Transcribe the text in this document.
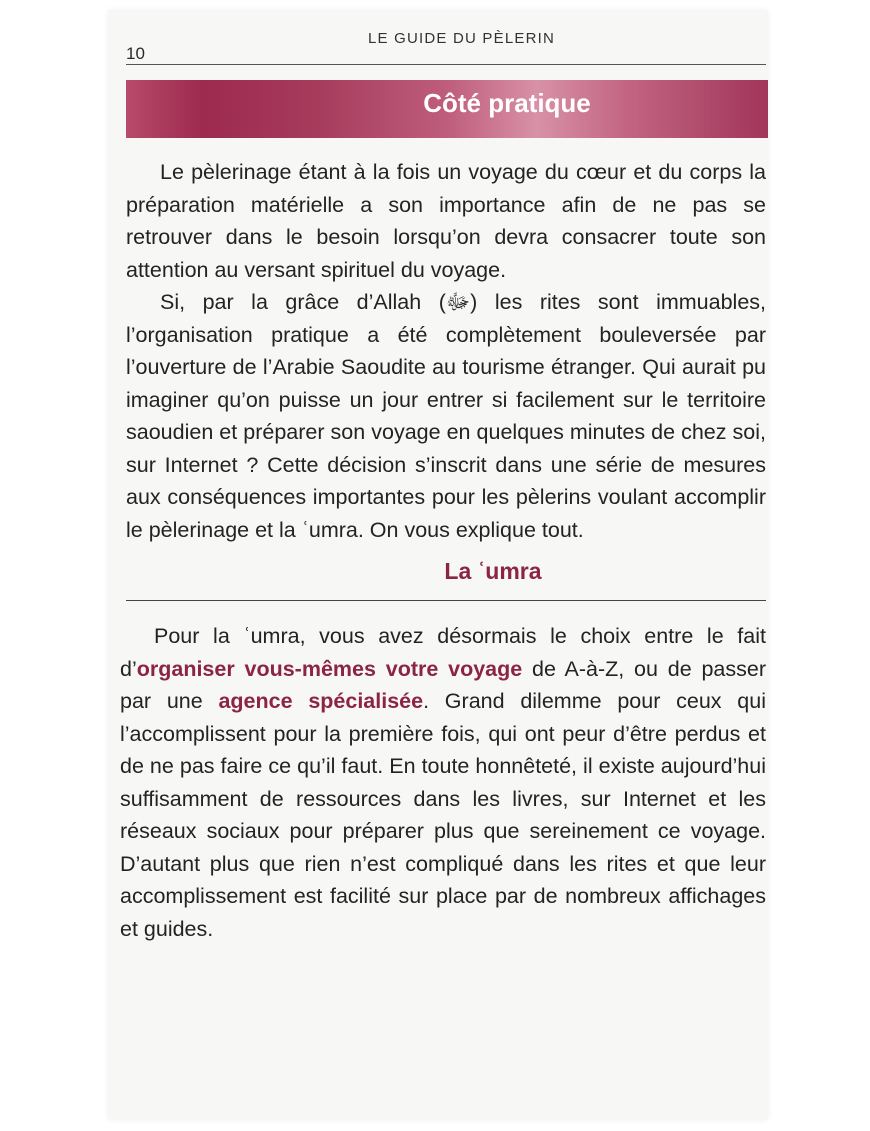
10
LE GUIDE DU PÈLERIN
Côté pratique

Le pèlerinage étant à la fois un voyage du cœur et du corps la préparation matérielle a son importance afin de ne pas se retrouver dans le besoin lorsqu’on devra consacrer toute son attention au versant spirituel du voyage.

Si, par la grâce d’Allah (ﷻ) les rites sont immuables, l’organisation pratique a été complètement bouleversée par l’ouverture de l’Arabie Saoudite au tourisme étranger. Qui aurait pu imaginer qu’on puisse un jour entrer si facilement sur le territoire saoudien et préparer son voyage en quelques minutes de chez soi, sur Internet ? Cette décision s’inscrit dans une série de mesures aux conséquences importantes pour les pèlerins voulant accomplir le pèlerinage et la ʿumra. On vous explique tout.

La ʿumra

Pour la ʿumra, vous avez désormais le choix entre le fait d’organiser vous-mêmes votre voyage de A-à-Z, ou de passer par une agence spécialisée. Grand dilemme pour ceux qui l’accomplissent pour la première fois, qui ont peur d’être perdus et de ne pas faire ce qu’il faut. En toute honnêteté, il existe aujourd’hui suffisamment de ressources dans les livres, sur Internet et les réseaux sociaux pour préparer plus que sereinement ce voyage. D’autant plus que rien n’est compliqué dans les rites et que leur accomplissement est facilité sur place par de nombreux affichages et guides.
